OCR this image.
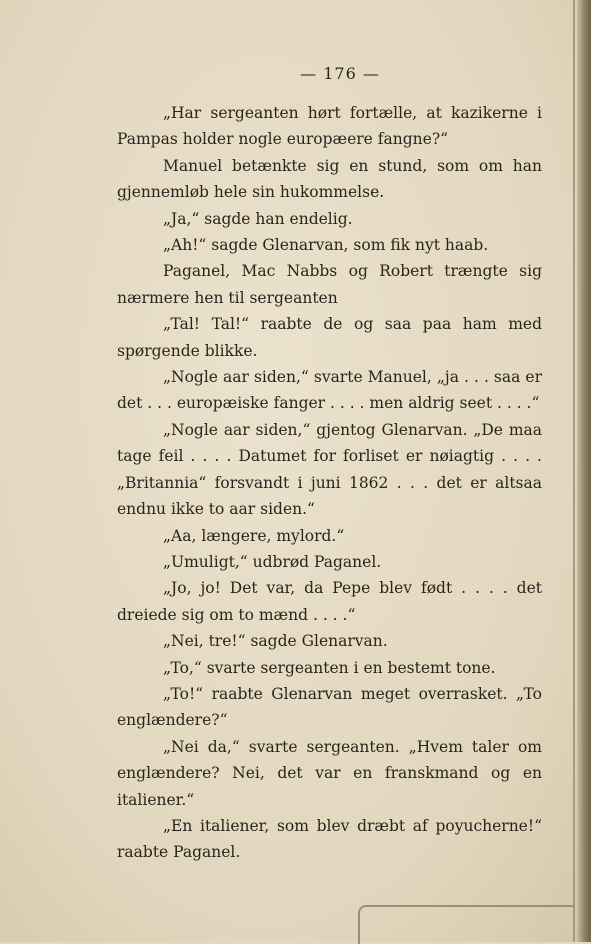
— 176 —

„Har sergeanten hørt fortælle, at kazikerne i Pampas holder nogle europæere fangne?“

Manuel betænkte sig en stund, som om han gjennemløb hele sin hukommelse.

„Ja,“ sagde han endelig.

„Ah!“ sagde Glenarvan, som fik nyt haab.

Paganel, Mac Nabbs og Robert trængte sig nærmere hen til sergeanten

„Tal! Tal!“ raabte de og saa paa ham med spørgende blikke.

„Nogle aar siden,“ svarte Manuel, „ja . . . saa er det . . . europæiske fanger . . . . men aldrig seet . . . .“

„Nogle aar siden,“ gjentog Glenarvan. „De maa tage feil . . . . Datumet for forliset er nøiagtig . . . . „Britannia“ forsvandt i juni 1862 . . . det er altsaa endnu ikke to aar siden.“

„Aa, længere, mylord.“

„Umuligt,“ udbrød Paganel.

„Jo, jo! Det var, da Pepe blev født . . . . det dreiede sig om to mænd . . . .“

„Nei, tre!“ sagde Glenarvan.

„To,“ svarte sergeanten i en bestemt tone.

„To!“ raabte Glenarvan meget overrasket. „To englændere?“

„Nei da,“ svarte sergeanten. „Hvem taler om englændere? Nei, det var en franskmand og en italiener.“

„En italiener, som blev dræbt af poyucherne!“ raabte Paganel.
